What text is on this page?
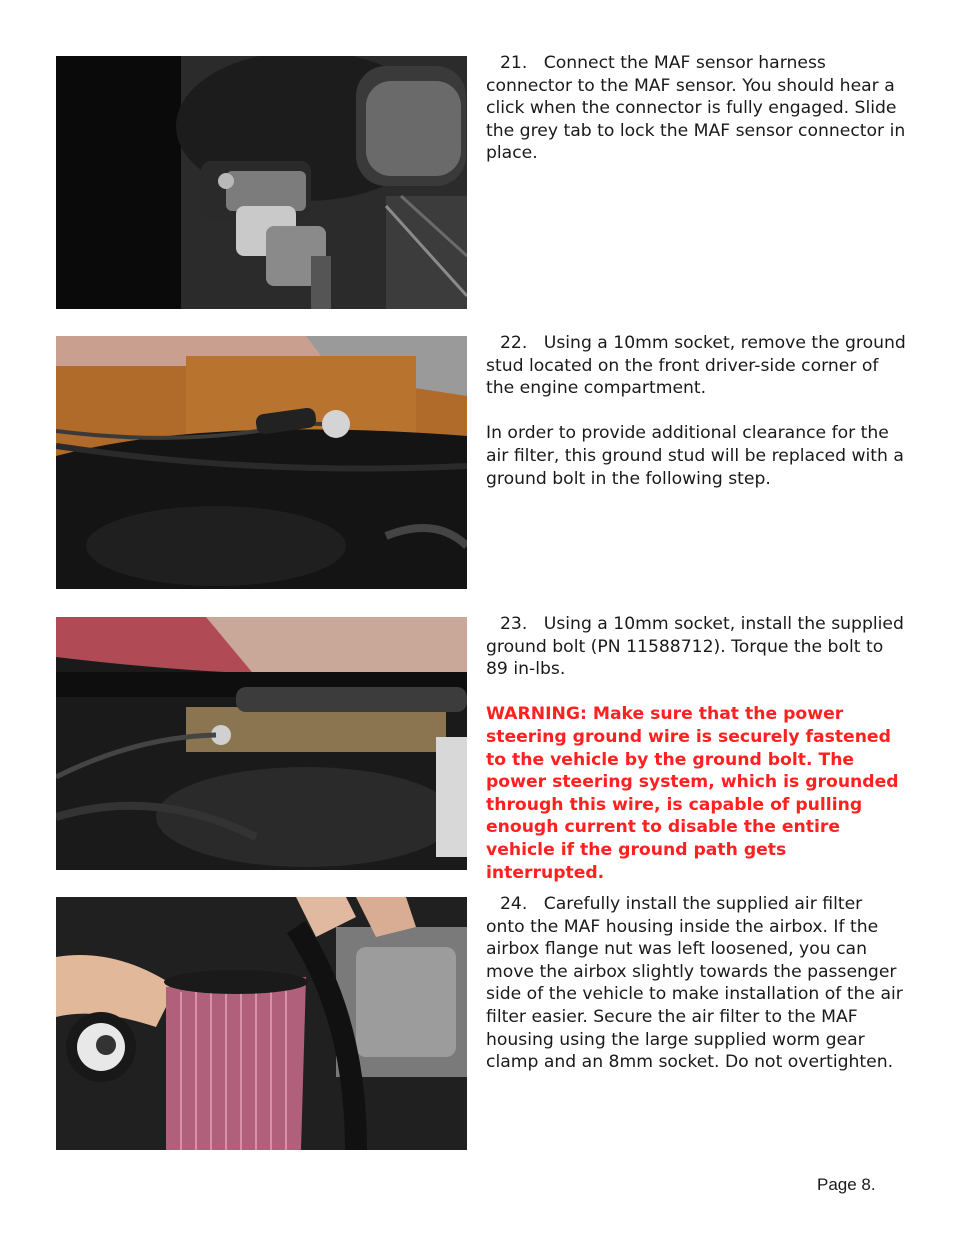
21. Connect the MAF sensor harness connector to the MAF sensor. You should hear a click when the connector is fully engaged. Slide the grey tab to lock the MAF sensor connector in place.

22. Using a 10mm socket, remove the ground stud located on the front driver-side corner of the engine compartment.

In order to provide additional clearance for the air filter, this ground stud will be replaced with a ground bolt in the following step.

23. Using a 10mm socket, install the supplied ground bolt (PN 11588712). Torque the bolt to 89 in-lbs.

WARNING: Make sure that the power steering ground wire is securely fastened to the vehicle by the ground bolt. The power steering system, which is grounded through this wire, is capable of pulling enough current to disable the entire vehicle if the ground path gets interrupted.

24. Carefully install the supplied air filter onto the MAF housing inside the airbox. If the airbox flange nut was left loosened, you can move the airbox slightly towards the passenger side of the vehicle to make installation of the air filter easier. Secure the air filter to the MAF housing using the large supplied worm gear clamp and an 8mm socket. Do not overtighten.

Page 8.
